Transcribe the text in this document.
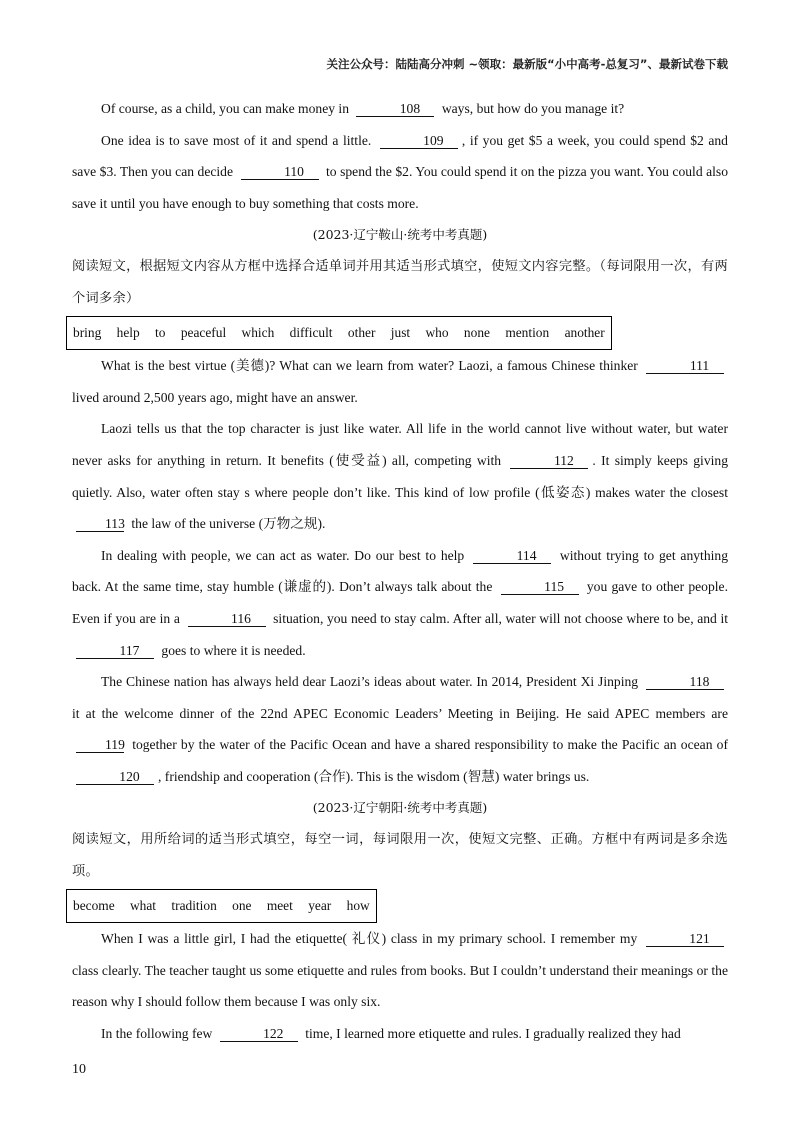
关注公众号：陆陆高分冲刺 ~领取：最新版“小中高考-总复习”、最新试卷下载

Of course, as a child, you can make money in	108 ways, but how do you manage it?

One idea is to save most of it and spend a little.	109 , if you get $5 a week, you could spend $2 and save $3. Then you can decide	110 to spend the $2. You could spend it on the pizza you want. You could also save it until you have enough to buy something that costs more.

(2023·辽宁鞍山·统考中考真题)

阅读短文，根据短文内容从方框中选择合适单词并用其适当形式填空，使短文内容完整。（每词限用一次，有两个词多余）

bring help to peaceful which difficult other just who none mention another

What is the best virtue (美德)? What can we learn from water? Laozi, a famous Chinese thinker	111 lived around 2,500 years ago, might have an answer.

Laozi tells us that the top character is just like water. All life in the world cannot live without water, but water never asks for anything in return. It benefits (使受益) all, competing with	112 . It simply keeps giving quietly. Also, water often stay s where people don’t like. This kind of low profile (低姿态) makes water the closest 113 the law of the universe (万物之规).

In dealing with people, we can act as water. Do our best to help	114 without trying to get anything back. At the same time, stay humble (谦虚的). Don’t always talk about the	115 you gave to other people. Even if you are in a	116 situation, you need to stay calm. After all, water will not choose where to be, and it 117 goes to where it is needed.

The Chinese nation has always held dear Laozi’s ideas about water. In 2014, President Xi Jinping	118 it at the welcome dinner of the 22nd APEC Economic Leaders’ Meeting in Beijing. He said APEC members are 119 together by the water of the Pacific Ocean and have a shared responsibility to make the Pacific an ocean of 120 , friendship and cooperation (合作). This is the wisdom (智慧) water brings us.

(2023·辽宁朝阳·统考中考真题)

阅读短文，用所给词的适当形式填空，每空一词，每词限用一次，使短文完整、正确。方框中有两词是多余选项。

become what tradition one meet year how

When I was a little girl, I had the etiquette( 礼仪) class in my primary school. I remember my	121 class clearly. The teacher taught us some etiquette and rules from books. But I couldn’t understand their meanings or the reason why I should follow them because I was only six.

In the following few	122 time, I learned more etiquette and rules. I gradually realized they had

10
